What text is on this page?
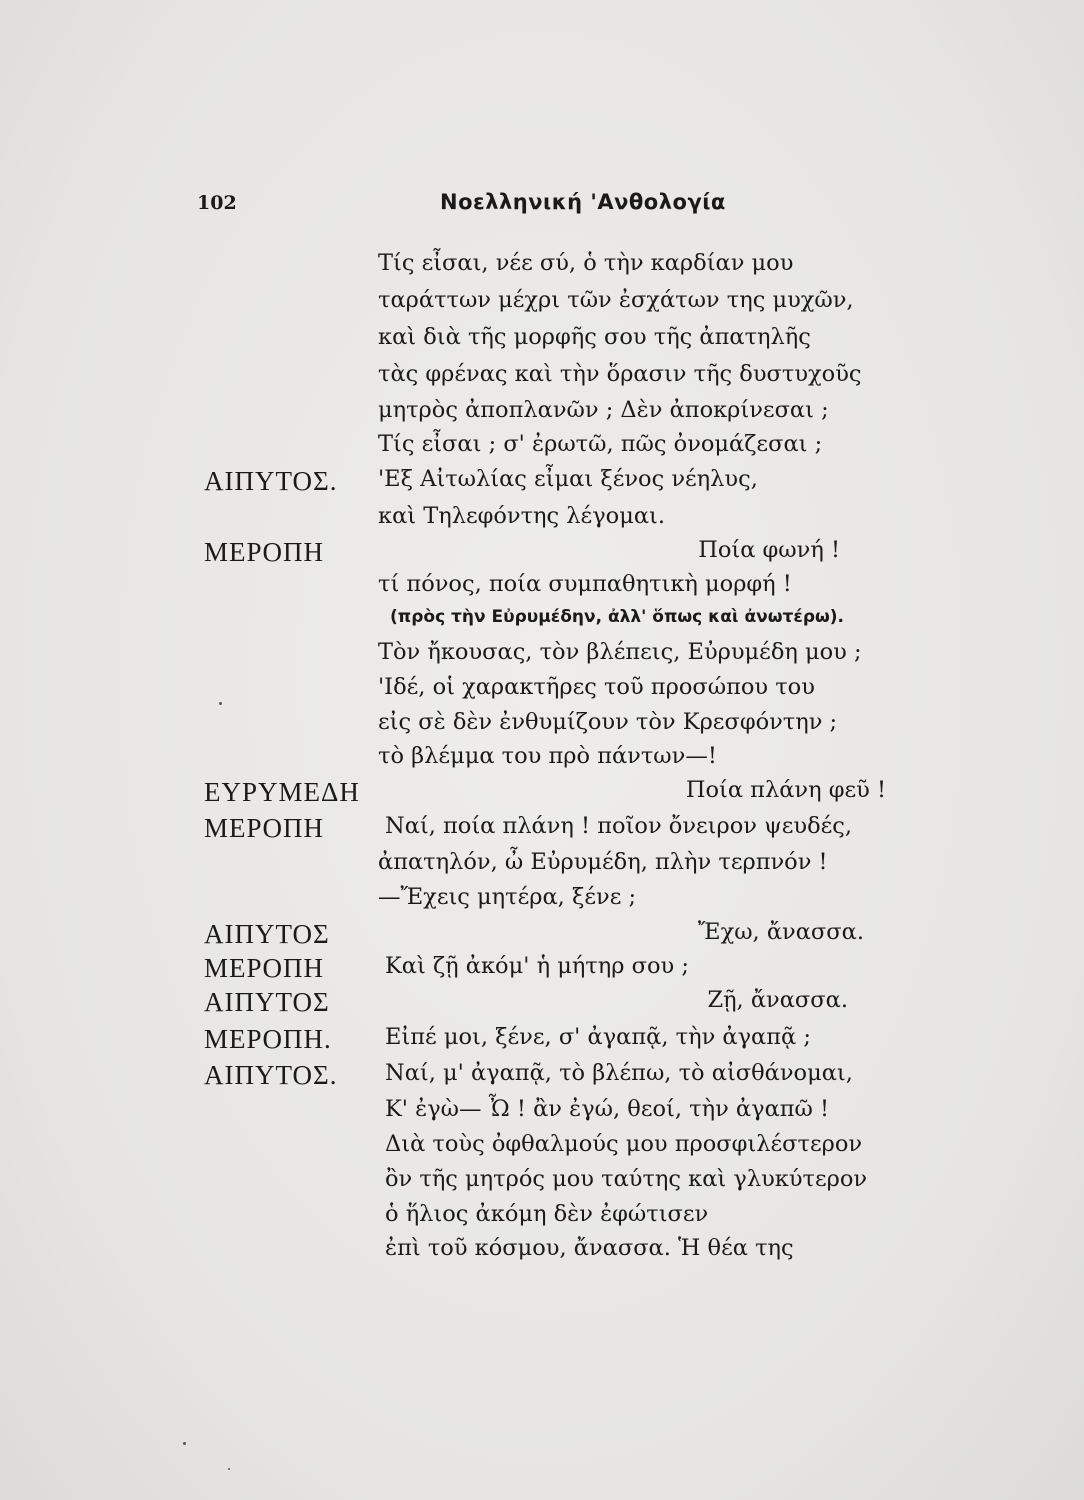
102	Νοελληνική 'Ανθολογία
Τίς εἶσαι, νέε σύ, ὁ τὴν καρδίαν μου
ταράττων μέχρι τῶν ἐσχάτων της μυχῶν,
καὶ διὰ τῆς μορφῆς σου τῆς ἀπατηλῆς
τὰς φρένας καὶ τὴν ὅρασιν τῆς δυστυχοῦς
μητρὸς ἀποπλανῶν ; Δὲν ἀποκρίνεσαι ;
Τίς εἶσαι ; σ' ἐρωτῶ, πῶς ὀνομάζεσαι ;
ΑΙΠΥΤΟΣ. 'Εξ Αἰτωλίας εἶμαι ξένος νέηλυς,
καὶ Τηλεφόντης λέγομαι.
ΜΕΡΟΠΗ	Ποία φωνή !
τί πόνος, ποία συμπαθητικὴ μορφή !
(πρὸς τὴν Εὐρυμέδην, ἀλλ' ὅπως καὶ ἀνωτέρω).
Τὸν ἤκουσας, τὸν βλέπεις, Εὐρυμέδη μου ;
'Ιδέ, οἱ χαρακτῆρες τοῦ προσώπου του
εἰς σὲ δὲν ἐνθυμίζουν τὸν Κρεσφόντην ;
τὸ βλέμμα του πρὸ πάντων—!
ΕΥΡΥΜΕΔΗ	Ποία πλάνη φεῦ !
ΜΕΡΟΠΗ	Ναί, ποία πλάνη ! ποῖον ὄνειρον ψευδές,
ἀπατηλόν, ὦ Εὐρυμέδη, πλὴν τερπνόν !
—Ἔχεις μητέρα, ξένε ;
ΑΙΠΥΤΟΣ	Ἔχω, ἄνασσα.
ΜΕΡΟΠΗ	Καὶ ζῇ ἀκόμ' ἡ μήτηρ σου ;
ΑΙΠΥΤΟΣ	Ζῇ, ἄνασσα.
ΜΕΡΟΠΗ. Εἰπέ μοι, ξένε, σ' ἀγαπᾷ, τὴν ἀγαπᾷ ;
ΑΙΠΥΤΟΣ. Ναί, μ' ἀγαπᾷ, τὸ βλέπω, τὸ αἰσθάνομαι,
Κ' ἐγὼ— Ὦ ! ἂν ἐγώ, θεοί, τὴν ἀγαπῶ !
Διὰ τοὺς ὀφθαλμούς μου προσφιλέστερον
ὂν τῆς μητρός μου ταύτης καὶ γλυκύτερον
ὁ ἥλιος ἀκόμη δὲν ἐφώτισεν
ἐπὶ τοῦ κόσμου, ἄνασσα. Ἡ θέα της
